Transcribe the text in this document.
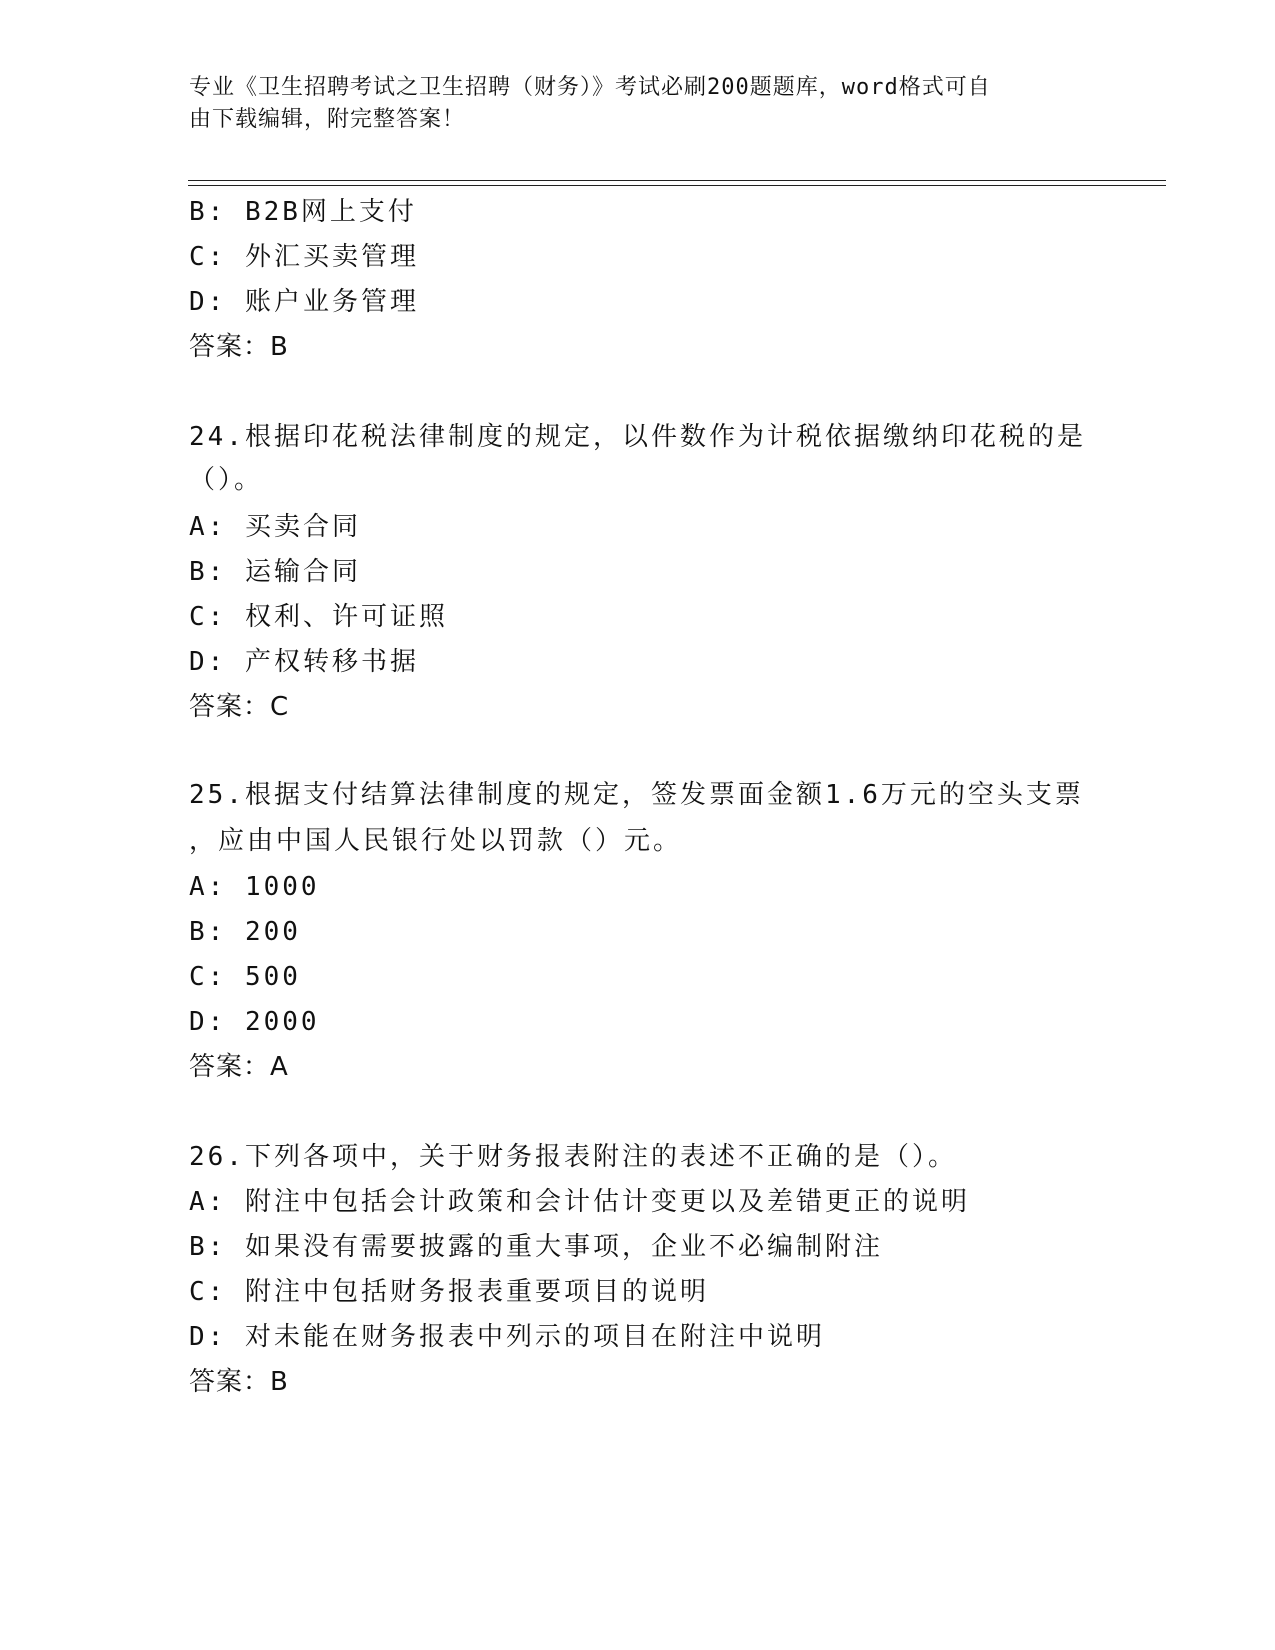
专业《卫生招聘考试之卫生招聘（财务）》考试必刷200题题库，word格式可自
由下载编辑，附完整答案！
B: B2B网上支付
C: 外汇买卖管理
D: 账户业务管理
答案：B
24.根据印花税法律制度的规定，以件数作为计税依据缴纳印花税的是
（）。
A: 买卖合同
B: 运输合同
C: 权利、许可证照
D: 产权转移书据
答案：C
25.根据支付结算法律制度的规定，签发票面金额1.6万元的空头支票
，应由中国人民银行处以罚款（）元。
A: 1000
B: 200
C: 500
D: 2000
答案：A
26.下列各项中，关于财务报表附注的表述不正确的是（）。
A: 附注中包括会计政策和会计估计变更以及差错更正的说明
B: 如果没有需要披露的重大事项，企业不必编制附注
C: 附注中包括财务报表重要项目的说明
D: 对未能在财务报表中列示的项目在附注中说明
答案：B
